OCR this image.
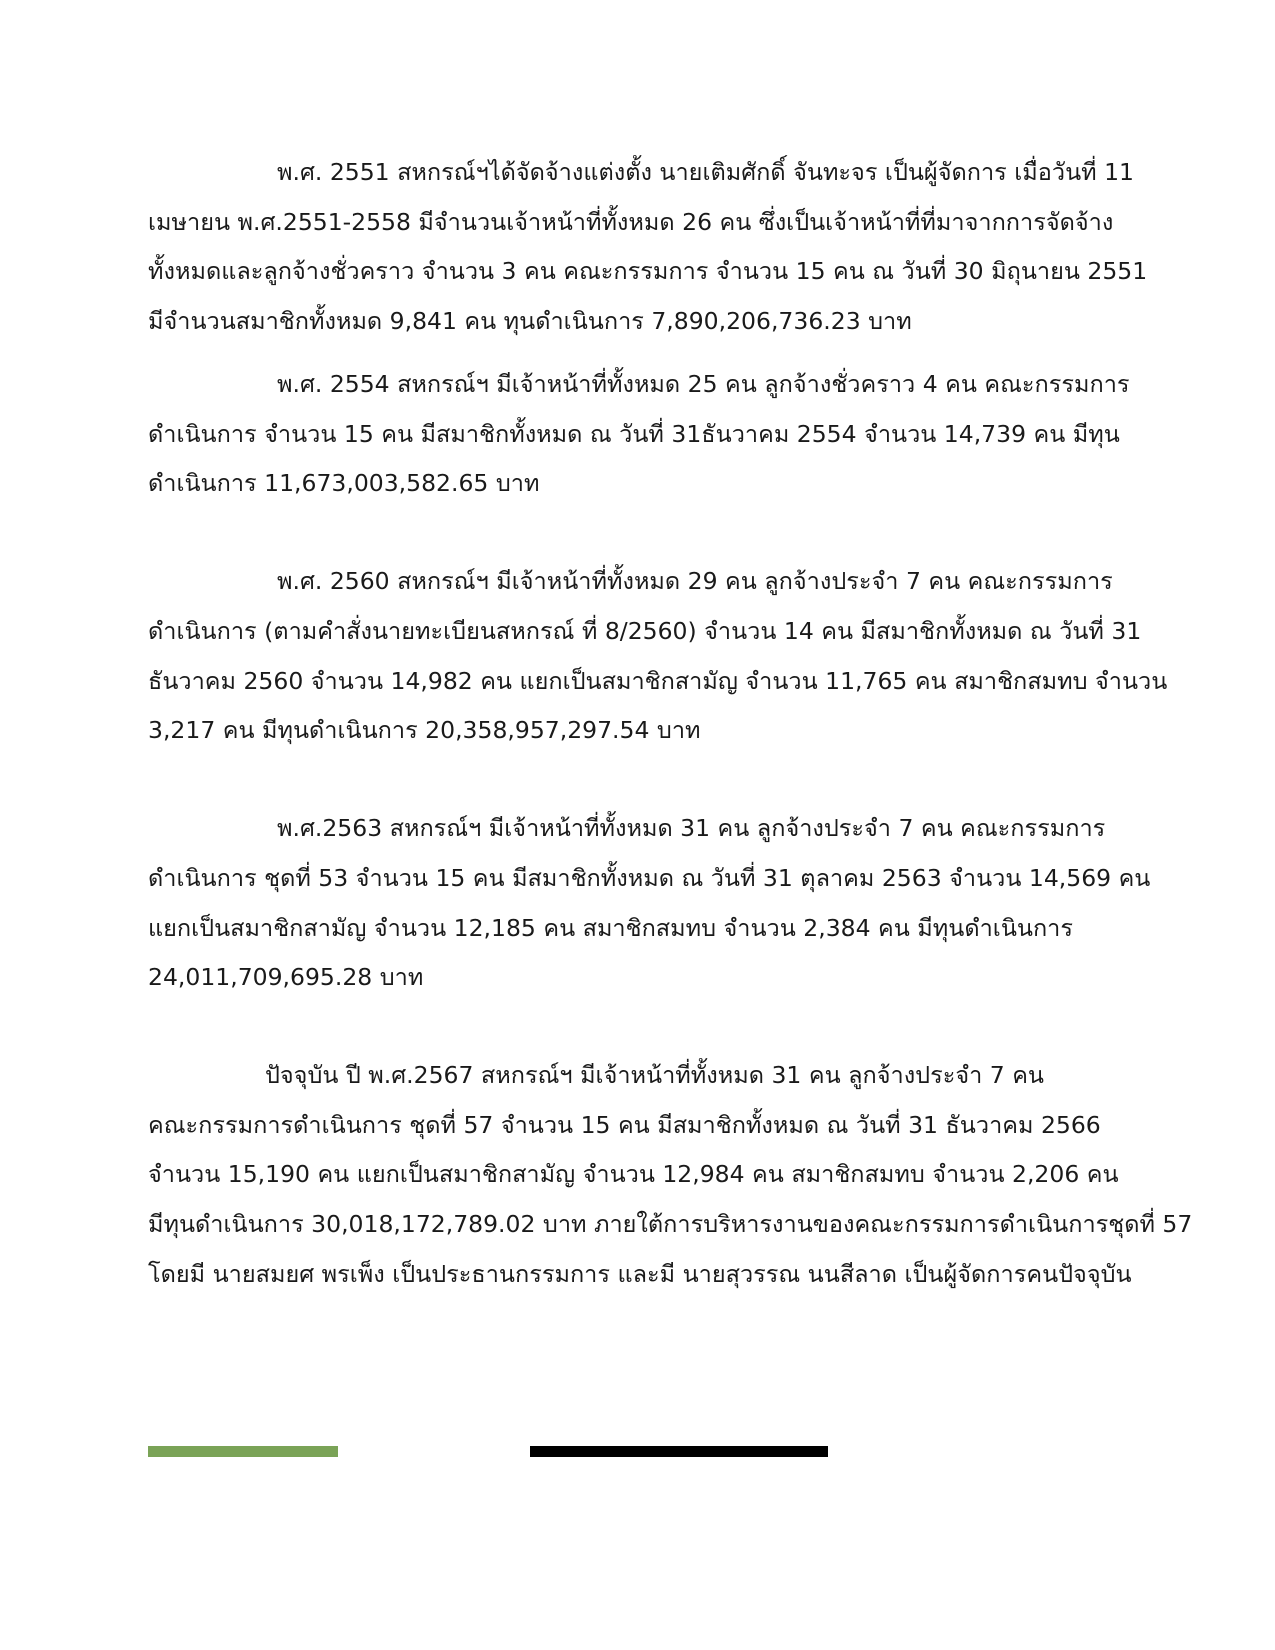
พ.ศ. 2551 สหกรณ์ฯได้จัดจ้างแต่งตั้ง นายเติมศักดิ์ จันทะจร เป็นผู้จัดการ เมื่อวันที่ 11

เมษายน พ.ศ.2551-2558 มีจำนวนเจ้าหน้าที่ทั้งหมด 26 คน ซึ่งเป็นเจ้าหน้าที่ที่มาจากการจัดจ้าง

ทั้งหมดและลูกจ้างชั่วคราว จำนวน 3 คน คณะกรรมการ จำนวน 15 คน ณ วันที่ 30 มิถุนายน 2551

มีจำนวนสมาชิกทั้งหมด 9,841 คน ทุนดำเนินการ 7,890,206,736.23 บาท

พ.ศ. 2554 สหกรณ์ฯ มีเจ้าหน้าที่ทั้งหมด 25 คน ลูกจ้างชั่วคราว 4 คน คณะกรรมการ

ดำเนินการ จำนวน 15 คน มีสมาชิกทั้งหมด ณ วันที่ 31ธันวาคม 2554 จำนวน 14,739 คน มีทุน

ดำเนินการ 11,673,003,582.65 บาท

พ.ศ. 2560 สหกรณ์ฯ มีเจ้าหน้าที่ทั้งหมด 29 คน ลูกจ้างประจำ 7 คน คณะกรรมการ

ดำเนินการ (ตามคำสั่งนายทะเบียนสหกรณ์ ที่ 8/2560) จำนวน 14 คน มีสมาชิกทั้งหมด ณ วันที่ 31

ธันวาคม 2560 จำนวน 14,982 คน แยกเป็นสมาชิกสามัญ จำนวน 11,765 คน สมาชิกสมทบ จำนวน

3,217 คน มีทุนดำเนินการ 20,358,957,297.54 บาท

พ.ศ.2563 สหกรณ์ฯ มีเจ้าหน้าที่ทั้งหมด 31 คน ลูกจ้างประจำ 7 คน คณะกรรมการ

ดำเนินการ ชุดที่ 53 จำนวน 15 คน มีสมาชิกทั้งหมด ณ วันที่ 31 ตุลาคม 2563 จำนวน 14,569 คน

แยกเป็นสมาชิกสามัญ จำนวน 12,185 คน สมาชิกสมทบ จำนวน 2,384 คน มีทุนดำเนินการ

24,011,709,695.28 บาท

ปัจจุบัน ปี พ.ศ.2567 สหกรณ์ฯ มีเจ้าหน้าที่ทั้งหมด 31 คน ลูกจ้างประจำ 7 คน

คณะกรรมการดำเนินการ ชุดที่ 57 จำนวน 15 คน มีสมาชิกทั้งหมด ณ วันที่ 31 ธันวาคม 2566

จำนวน 15,190 คน แยกเป็นสมาชิกสามัญ จำนวน 12,984 คน สมาชิกสมทบ จำนวน 2,206 คน

มีทุนดำเนินการ 30,018,172,789.02 บาท ภายใต้การบริหารงานของคณะกรรมการดำเนินการชุดที่ 57

โดยมี นายสมยศ พรเพ็ง เป็นประธานกรรมการ และมี นายสุวรรณ นนสีลาด เป็นผู้จัดการคนปัจจุบัน
